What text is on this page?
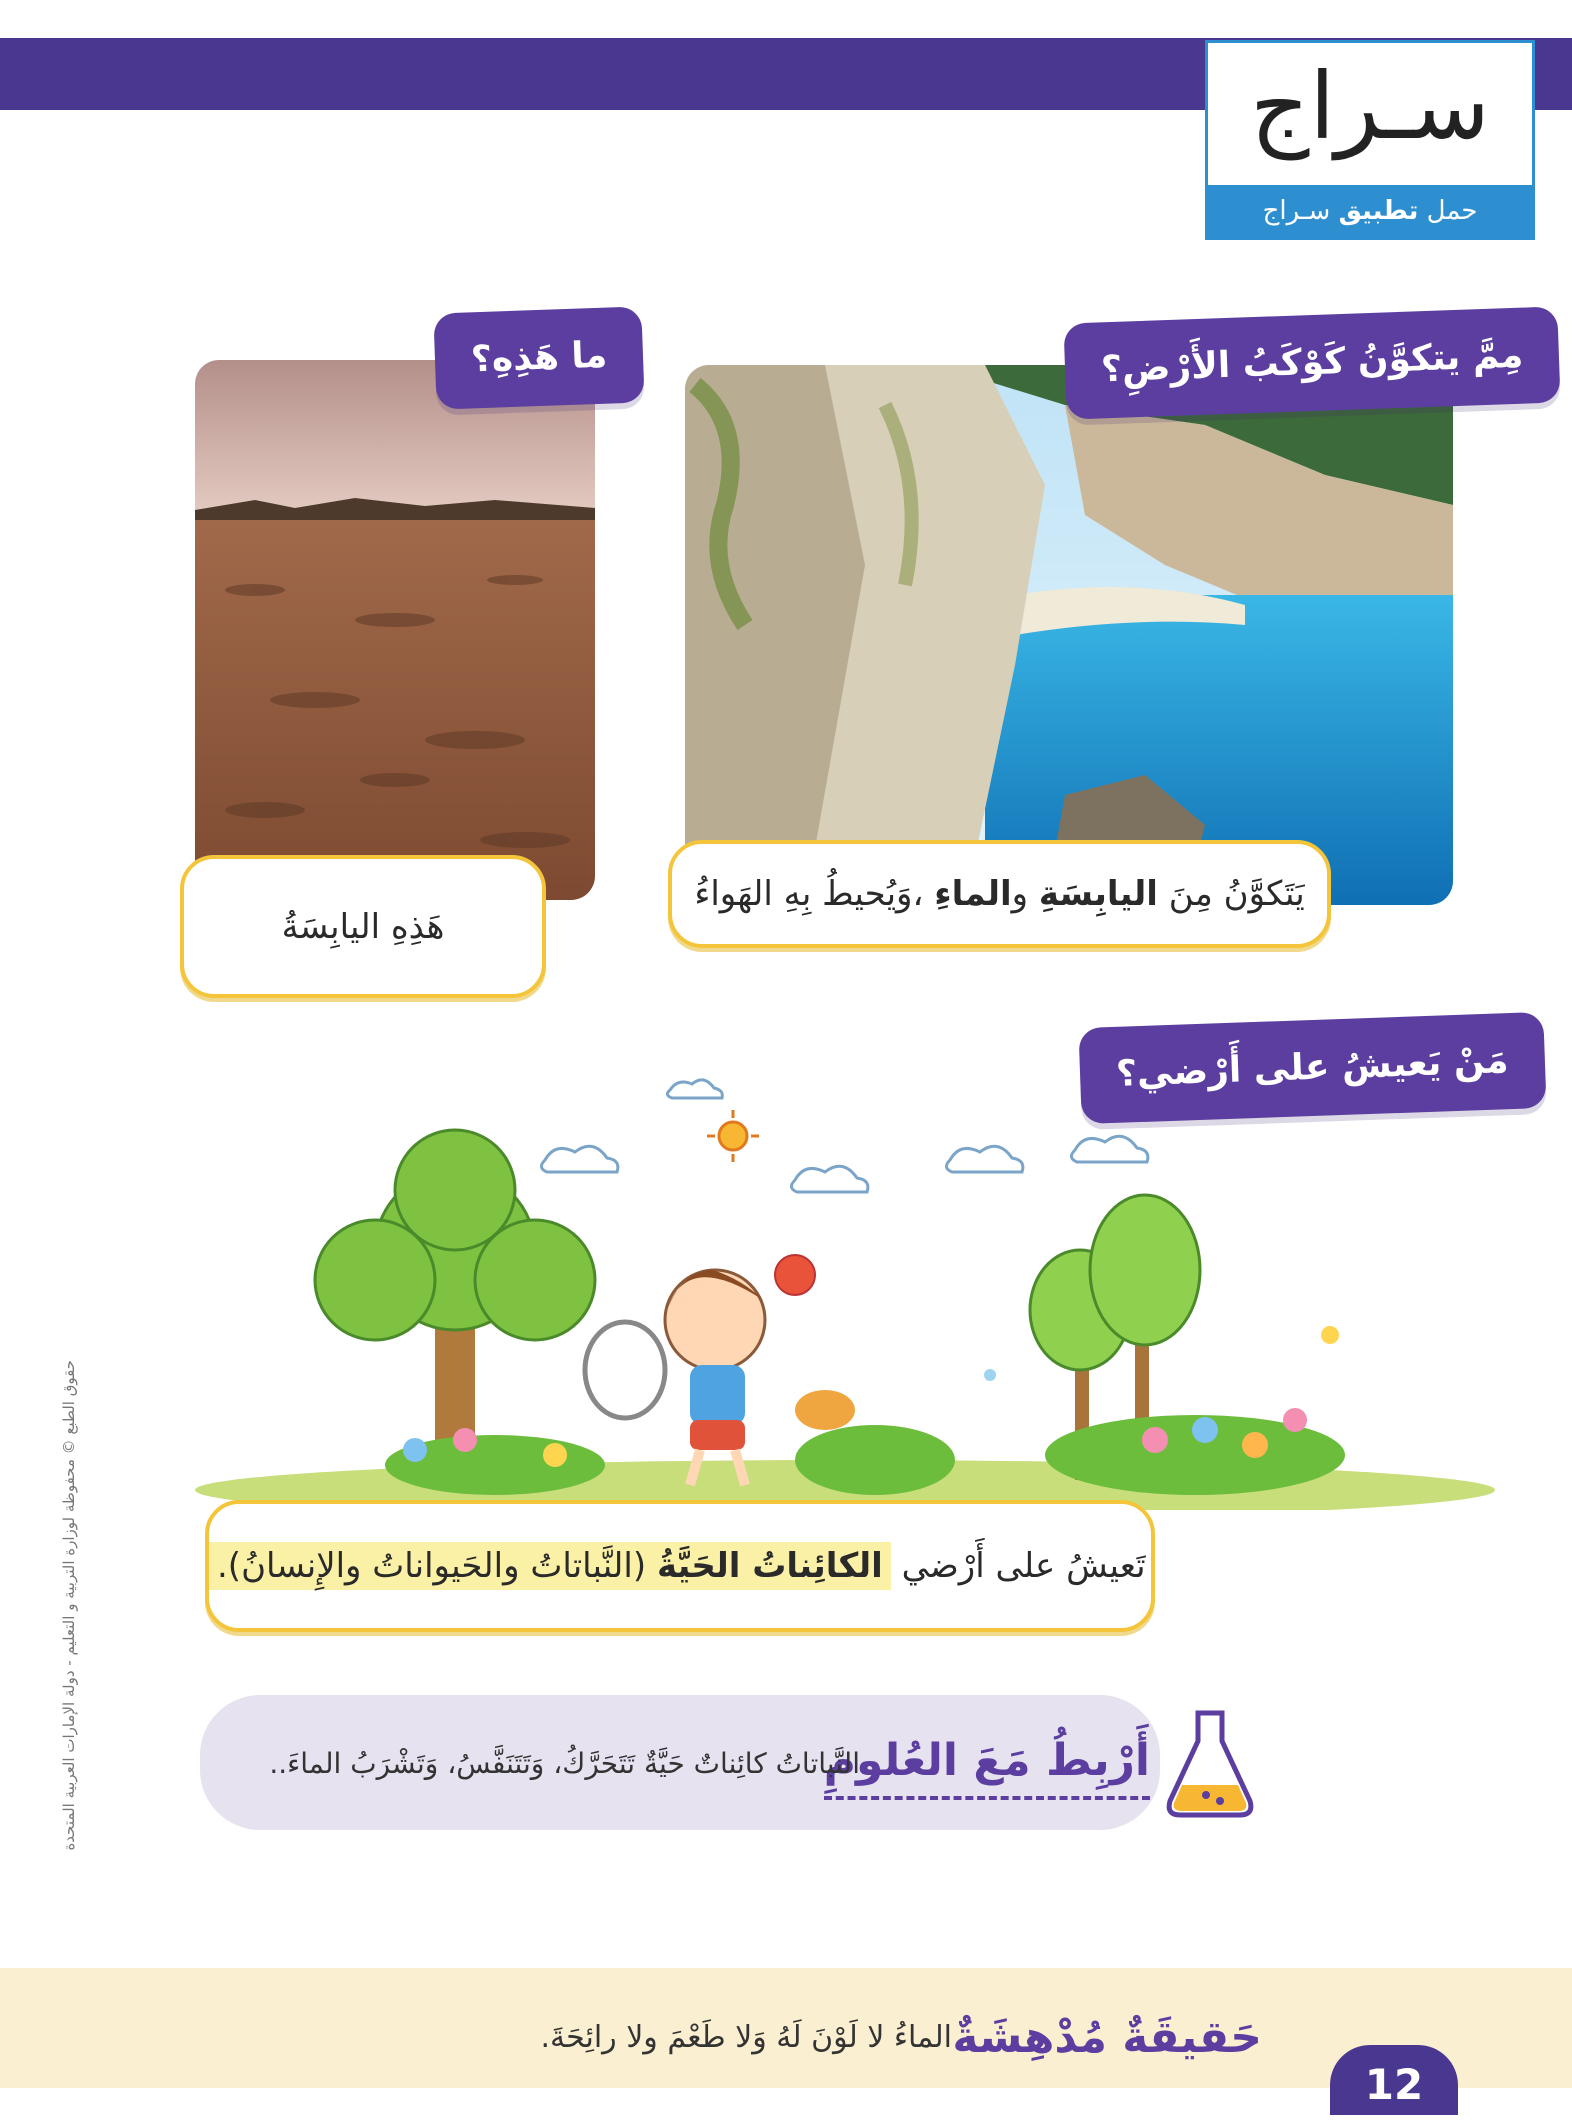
سـراج
حمل تطبيق سـراج
مِمَّ يتكوَّنُ كَوْكَبُ الأَرْضِ؟
ما هَذِهِ؟
يَتَكوَّنُ مِنَ

اليابِسَةِ

و
الماءِ

،وَيُحيطُ بِهِ الهَواءُ
هَذِهِ اليابِسَةُ
مَنْ يَعيشُ على أَرْضي؟
تَعيشُ على أَرْضي

الكائِناتُ الحَيَّةُ (النَّباتاتُ والحَيواناتُ والإِنسانُ).
أَرْبِطُ مَعَ العُلومِ
النَّباتاتُ كائِناتٌ حَيَّةٌ تَتَحَرَّكُ، وَتَتَنَفَّسُ، وَتَشْرَبُ الماءَ..
حَقيقَةٌ مُدْهِشَةٌ
الماءُ لا لَوْنَ لَهُ وَلا طَعْمَ ولا رائِحَةَ.
12
حقوق الطبع © محفوظة لوزارة التربية و التعليم - دولة الإمارات العربية المتحدة
